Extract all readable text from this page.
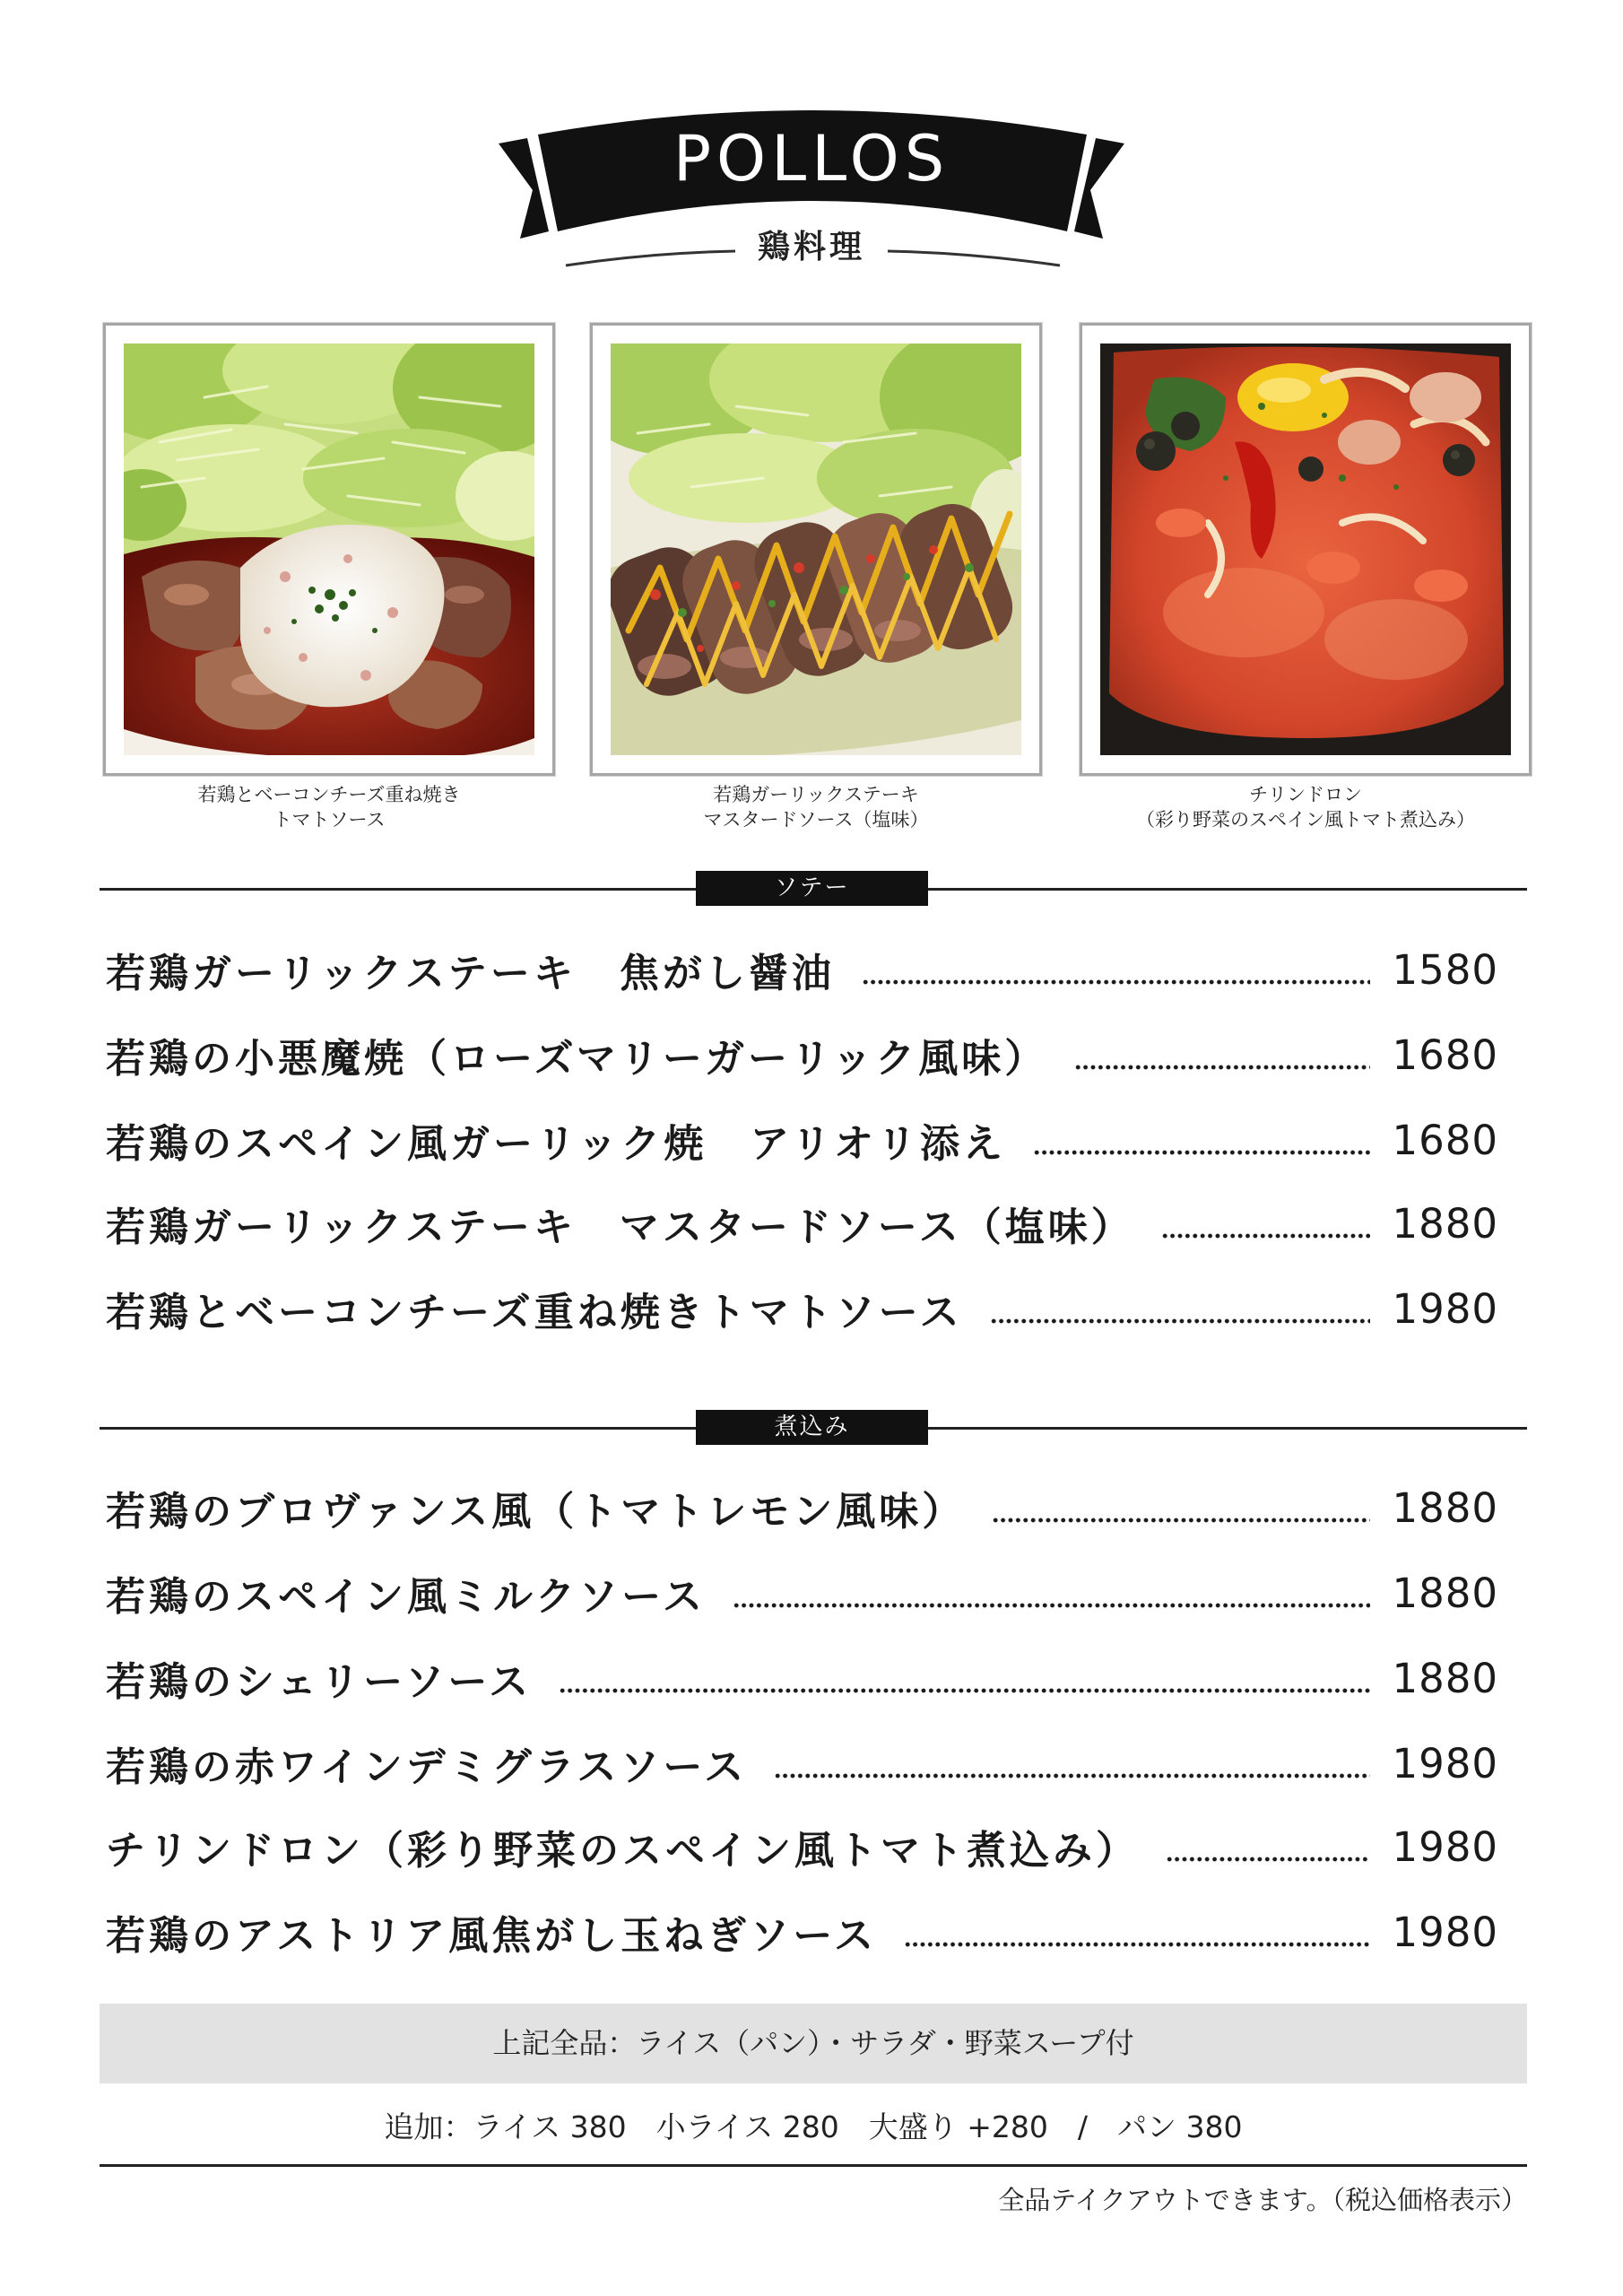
POLLOS
鶏料理
若鶏とベーコンチーズ重ね焼き
トマトソース
若鶏ガーリックステーキ
マスタードソース（塩味）
チリンドロン
（彩り野菜のスペイン風トマト煮込み）
ソテー
若鶏ガーリックステーキ　焦がし醤油	1580
若鶏の小悪魔焼（ローズマリーガーリック風味）	1680
若鶏のスペイン風ガーリック焼　アリオリ添え	1680
若鶏ガーリックステーキ　マスタードソース（塩味）	1880
若鶏とベーコンチーズ重ね焼きトマトソース	1980
煮込み
若鶏のブロヴァンス風（トマトレモン風味）	1880
若鶏のスペイン風ミルクソース	1880
若鶏のシェリーソース	1880
若鶏の赤ワインデミグラスソース	1980
チリンドロン（彩り野菜のスペイン風トマト煮込み）	1980
若鶏のアストリア風焦がし玉ねぎソース	1980
上記全品：ライス（パン）・サラダ・野菜スープ付
追加：ライス 380　小ライス 280　大盛り +280　/　パン 380
全品テイクアウトできます。（税込価格表示）
